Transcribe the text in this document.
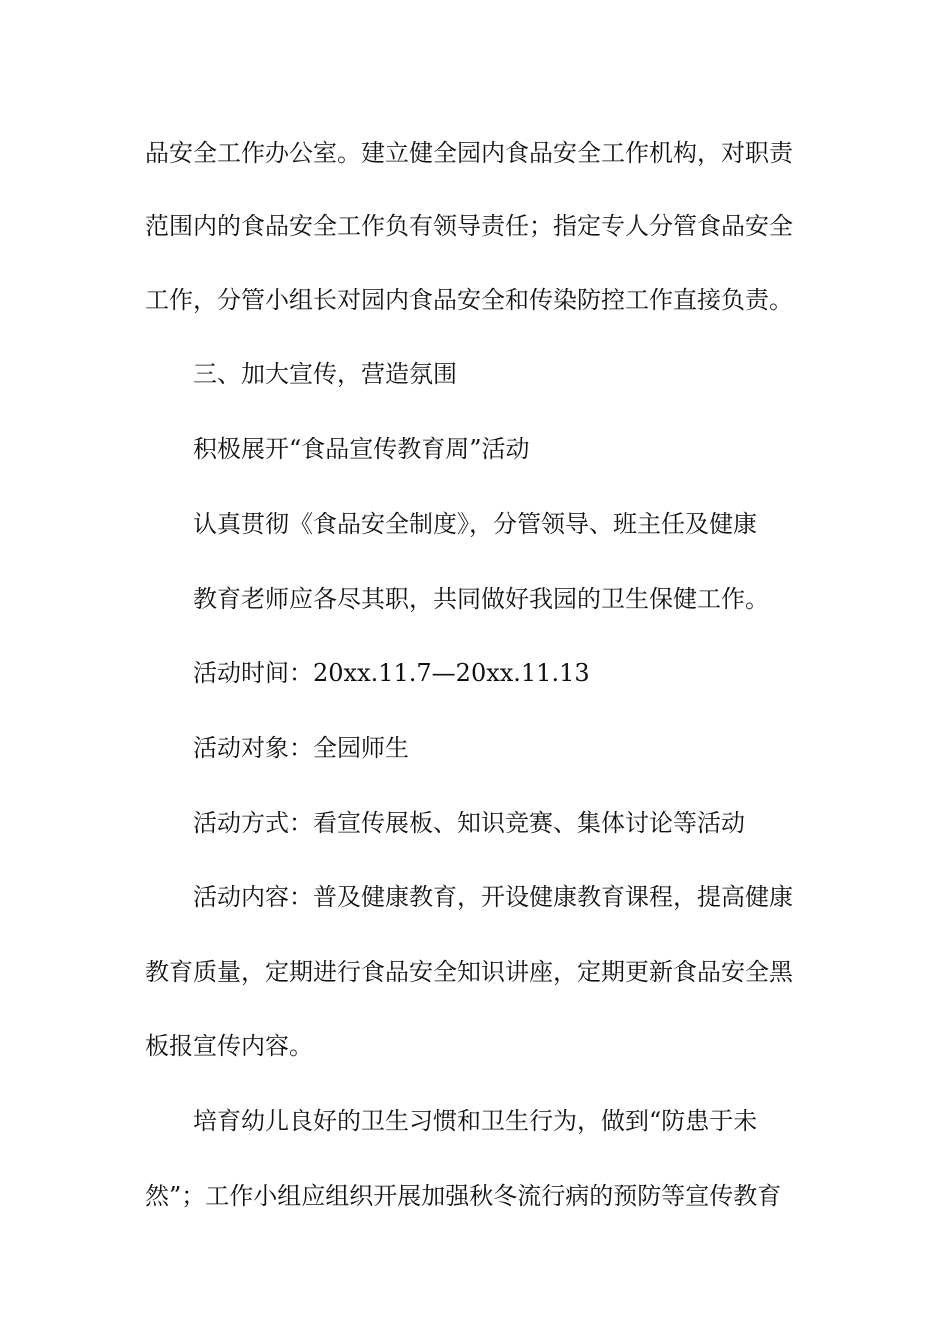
品安全工作办公室。建立健全园内食品安全工作机构，对职责

范围内的食品安全工作负有领导责任；指定专人分管食品安全

工作，分管小组长对园内食品安全和传染防控工作直接负责。

三、加大宣传，营造氛围

积极展开“食品宣传教育周”活动

认真贯彻《食品安全制度》，分管领导、班主任及健康

教育老师应各尽其职，共同做好我园的卫生保健工作。

活动时间：20xx.11.7—20xx.11.13

活动对象：全园师生

活动方式：看宣传展板、知识竞赛、集体讨论等活动

活动内容：普及健康教育，开设健康教育课程，提高健康

教育质量，定期进行食品安全知识讲座，定期更新食品安全黑

板报宣传内容。

培育幼儿良好的卫生习惯和卫生行为，做到“防患于未

然”；工作小组应组织开展加强秋冬流行病的预防等宣传教育
